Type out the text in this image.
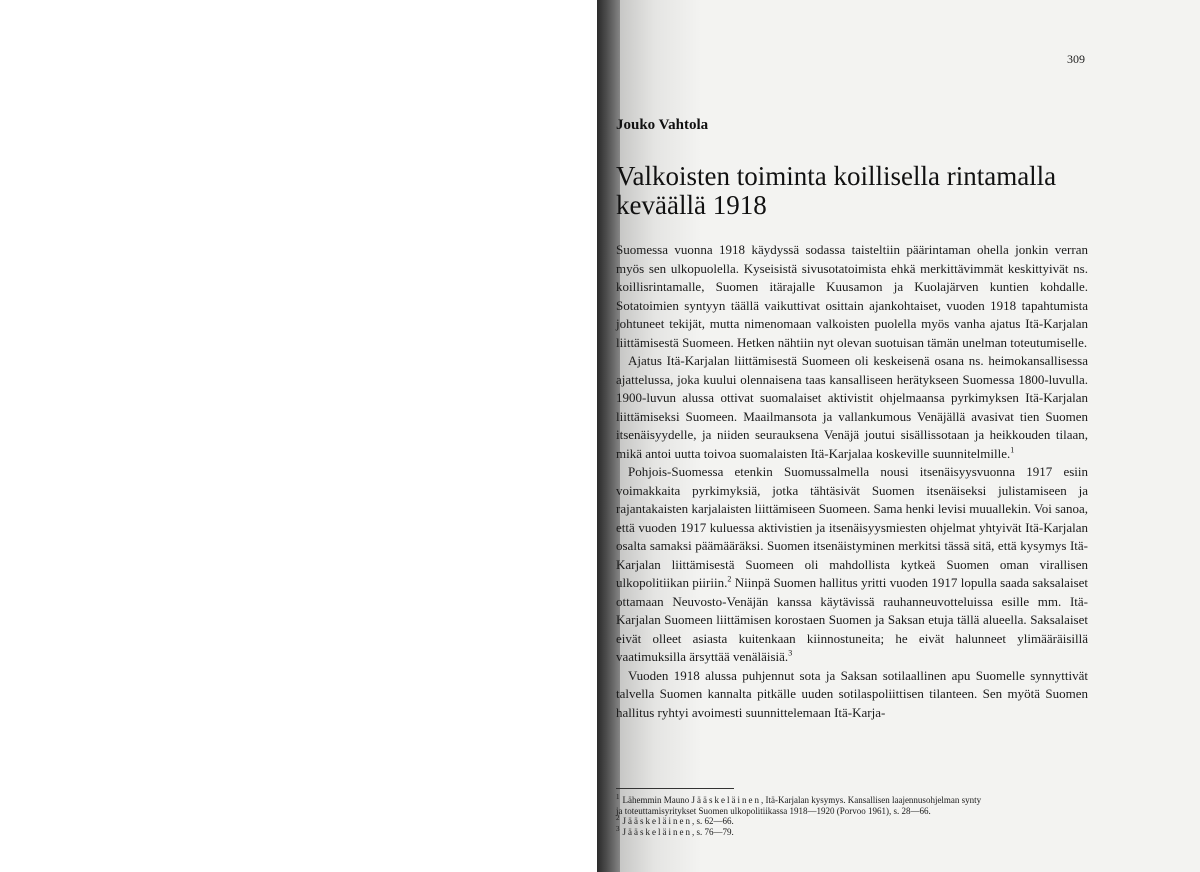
309
Jouko Vahtola
Valkoisten toiminta koillisella rintamalla keväällä 1918

Suomessa vuonna 1918 käydyssä sodassa taisteltiin päärintaman ohella jonkin verran myös sen ulkopuolella. Kyseisistä sivusotatoimista ehkä merkittävimmät keskittyivät ns. koillisrintamalle, Suomen itärajalle Kuusamon ja Kuolajärven kuntien kohdalle. Sotatoimien syntyyn täällä vaikuttivat osittain ajankohtaiset, vuoden 1918 tapahtumista johtuneet tekijät, mutta nimenomaan valkoisten puolella myös vanha ajatus Itä-Karjalan liittämisestä Suomeen. Hetken nähtiin nyt olevan suotuisan tämän unelman toteutumiselle.

Ajatus Itä-Karjalan liittämisestä Suomeen oli keskeisenä osana ns. heimokansallisessa ajattelussa, joka kuului olennaisena taas kansalliseen herätykseen Suomessa 1800-luvulla. 1900-luvun alussa ottivat suomalaiset aktivistit ohjelmaansa pyrkimyksen Itä-Karjalan liittämiseksi Suomeen. Maailmansota ja vallankumous Venäjällä avasivat tien Suomen itsenäisyydelle, ja niiden seurauksena Venäjä joutui sisällissotaan ja heikkouden tilaan, mikä antoi uutta toivoa suomalaisten Itä-Karjalaa koskeville suunnitelmille.$^1$

Pohjois-Suomessa etenkin Suomussalmella nousi itsenäisyysvuonna 1917 esiin voimakkaita pyrkimyksiä, jotka tähtäsivät Suomen itsenäiseksi julistamiseen ja rajantakaisten karjalaisten liittämiseen Suomeen. Sama henki levisi muuallekin. Voi sanoa, että vuoden 1917 kuluessa aktivistien ja itsenäisyysmiesten ohjelmat yhtyivät Itä-Karjalan osalta samaksi päämääräksi. Suomen itsenäistyminen merkitsi tässä sitä, että kysymys Itä-Karjalan liittämisestä Suomeen oli mahdollista kytkeä Suomen oman virallisen ulkopolitiikan piiriin.$^2$ Niinpä Suomen hallitus yritti vuoden 1917 lopulla saada saksalaiset ottamaan Neuvosto-Venäjän kanssa käytävissä rauhanneuvotteluissa esille mm. Itä-Karjalan Suomeen liittämisen korostaen Suomen ja Saksan etuja tällä alueella. Saksalaiset eivät olleet asiasta kuitenkaan kiinnostuneita; he eivät halunneet ylimääräisillä vaatimuksilla ärsyttää venäläisiä.$^3$

Vuoden 1918 alussa puhjennut sota ja Saksan sotilaallinen apu Suomelle synnyttivät talvella Suomen kannalta pitkälle uuden sotilaspoliittisen tilanteen. Sen myötä Suomen hallitus ryhtyi avoimesti suunnittelemaan Itä-Karja-

$^1$ Lähemmin Mauno Jääskeläinen, Itä-Karjalan kysymys. Kansallisen laajennusohjelman synty
ja toteuttamisyritykset Suomen ulkopolitiikassa 1918—1920 (Porvoo 1961), s. 28—66.
$^2$ Jääskeläinen, s. 62—66.
$^3$ Jääskeläinen, s. 76—79.
